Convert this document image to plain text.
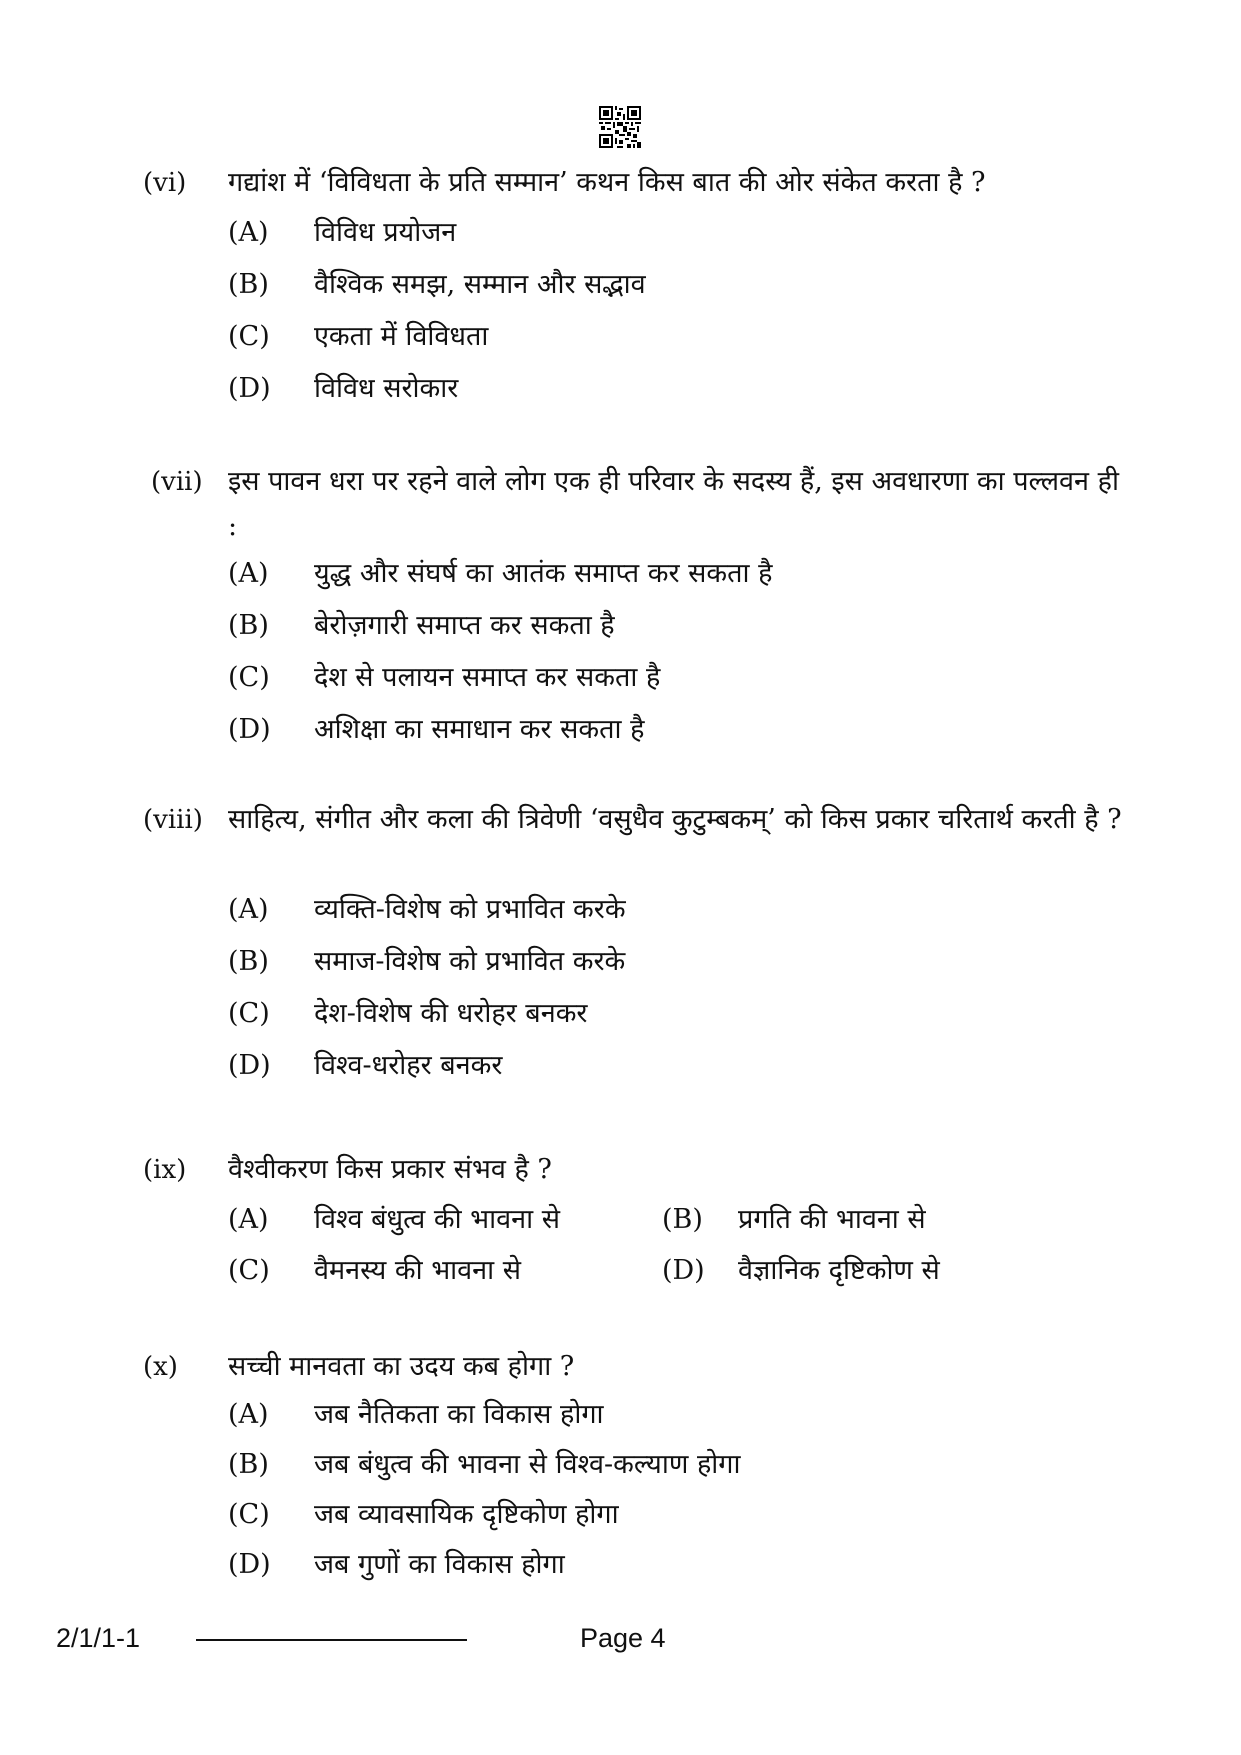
(vi) गद्यांश में ‘विविधता के प्रति सम्मान’ कथन किस बात की ओर संकेत करता है ?
(A) विविध प्रयोजन
(B) वैश्विक समझ, सम्मान और सद्भाव
(C) एकता में विविधता
(D) विविध सरोकार
(vii) इस पावन धरा पर रहने वाले लोग एक ही परिवार के सदस्य हैं, इस अवधारणा का पल्लवन ही :
(A) युद्ध और संघर्ष का आतंक समाप्त कर सकता है
(B) बेरोज़गारी समाप्त कर सकता है
(C) देश से पलायन समाप्त कर सकता है
(D) अशिक्षा का समाधान कर सकता है
(viii) साहित्य, संगीत और कला की त्रिवेणी ‘वसुधैव कुटुम्बकम्’ को किस प्रकार चरितार्थ करती है ?
(A) व्यक्ति-विशेष को प्रभावित करके
(B) समाज-विशेष को प्रभावित करके
(C) देश-विशेष की धरोहर बनकर
(D) विश्व-धरोहर बनकर
(ix) वैश्वीकरण किस प्रकार संभव है ?
(A) विश्व बंधुत्व की भावना से	(B) प्रगति की भावना से
(C) वैमनस्य की भावना से	(D) वैज्ञानिक दृष्टिकोण से
(x) सच्ची मानवता का उदय कब होगा ?
(A) जब नैतिकता का विकास होगा
(B) जब बंधुत्व की भावना से विश्व-कल्याण होगा
(C) जब व्यावसायिक दृष्टिकोण होगा
(D) जब गुणों का विकास होगा
2/1/1-1	Page 4
